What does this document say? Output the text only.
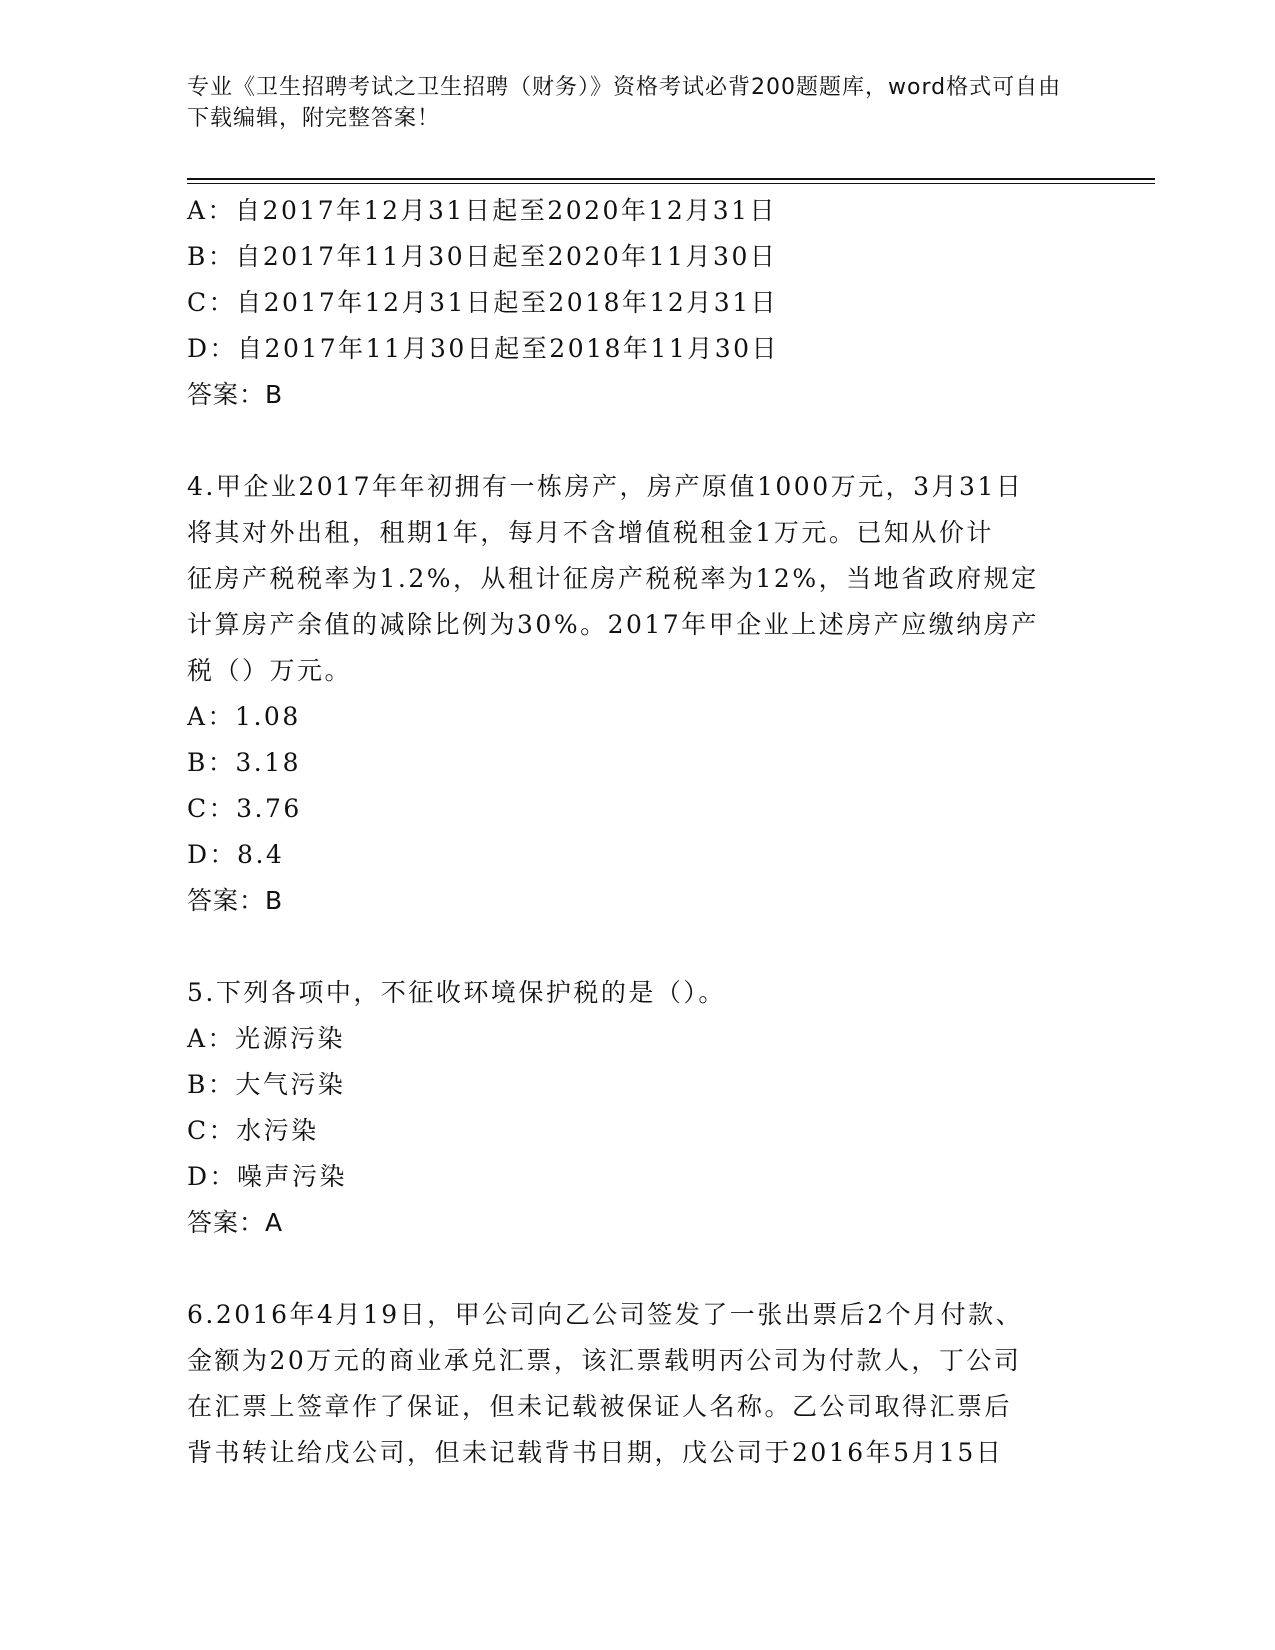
专业《卫生招聘考试之卫生招聘（财务）》资格考试必背200题题库，word格式可自由下载编辑，附完整答案！
A：自2017年12月31日起至2020年12月31日
B：自2017年11月30日起至2020年11月30日
C：自2017年12月31日起至2018年12月31日
D：自2017年11月30日起至2018年11月30日
答案：B
4.甲企业2017年年初拥有一栋房产，房产原值1000万元，3月31日
将其对外出租，租期1年，每月不含增值税租金1万元。已知从价计
征房产税税率为1.2%，从租计征房产税税率为12%，当地省政府规定
计算房产余值的减除比例为30%。2017年甲企业上述房产应缴纳房产
税（）万元。
A：1.08
B：3.18
C：3.76
D：8.4
答案：B
5.下列各项中，不征收环境保护税的是（）。
A：光源污染
B：大气污染
C：水污染
D：噪声污染
答案：A
6.2016年4月19日，甲公司向乙公司签发了一张出票后2个月付款、
金额为20万元的商业承兑汇票，该汇票载明丙公司为付款人，丁公司
在汇票上签章作了保证，但未记载被保证人名称。乙公司取得汇票后
背书转让给戊公司，但未记载背书日期，戊公司于2016年5月15日
